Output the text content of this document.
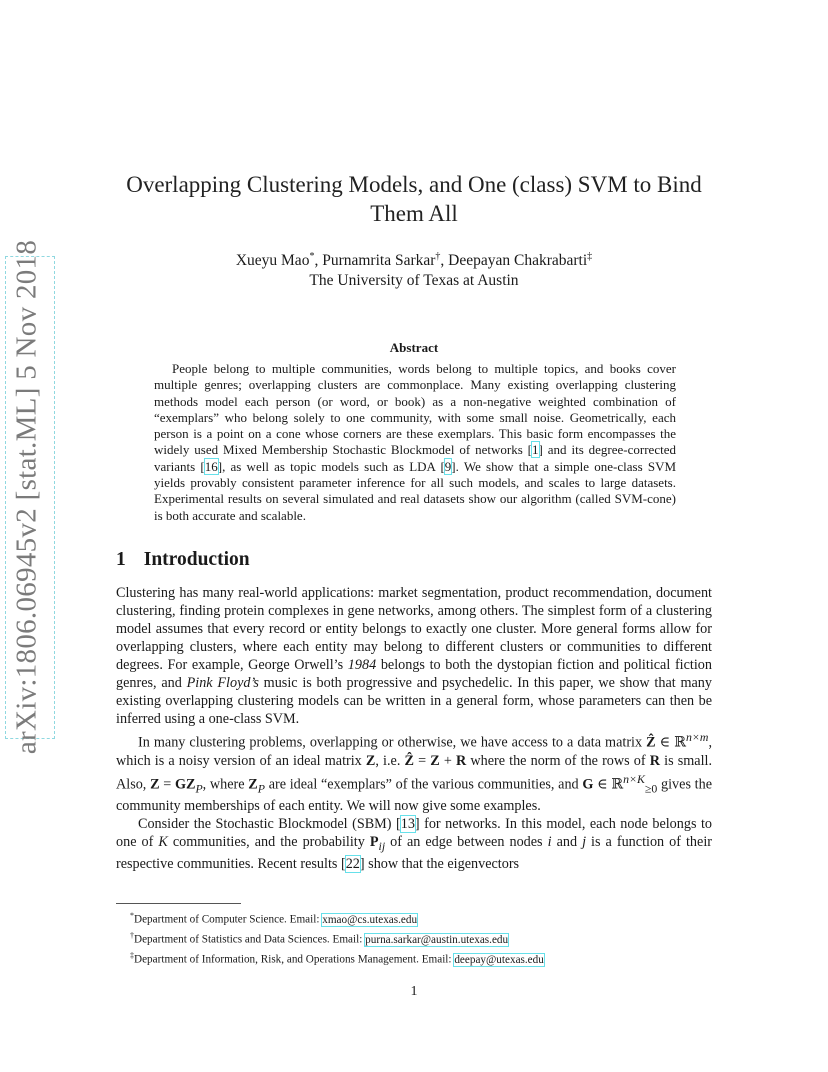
arXiv:1806.06945v2 [stat.ML] 5 Nov 2018
Overlapping Clustering Models, and One (class) SVM to Bind Them All
Xueyu Mao*, Purnamrita Sarkar†, Deepayan Chakrabarti‡
The University of Texas at Austin
Abstract
People belong to multiple communities, words belong to multiple topics, and books cover multiple genres; overlapping clusters are commonplace. Many existing overlapping clustering methods model each person (or word, or book) as a non-negative weighted combination of “exemplars” who belong solely to one community, with some small noise. Geometrically, each person is a point on a cone whose corners are these exemplars. This basic form encompasses the widely used Mixed Membership Stochastic Blockmodel of networks [1] and its degree-corrected variants [16], as well as topic models such as LDA [9]. We show that a simple one-class SVM yields provably consistent parameter inference for all such models, and scales to large datasets. Experimental results on several simulated and real datasets show our algorithm (called SVM-cone) is both accurate and scalable.
1 Introduction

Clustering has many real-world applications: market segmentation, product recommendation, document clustering, finding protein complexes in gene networks, among others. The simplest form of a clustering model assumes that every record or entity belongs to exactly one cluster. More general forms allow for overlapping clusters, where each entity may belong to different clusters or communities to different degrees. For example, George Orwell’s 1984 belongs to both the dystopian fiction and political fiction genres, and Pink Floyd’s music is both progressive and psychedelic. In this paper, we show that many existing overlapping clustering models can be written in a general form, whose parameters can then be inferred using a one-class SVM.

In many clustering problems, overlapping or otherwise, we have access to a data matrix Ẑ ∈ ℝ$^{n\times m}$, which is a noisy version of an ideal matrix Z, i.e. Ẑ = Z + R where the norm of the rows of R is small. Also, $Z = GZ_P$, where $Z_P$ are ideal “exemplars” of the various communities, and G ∈ ℝ$^{n\times K}_{\ge 0}$ gives the community memberships of each entity. We will now give some examples.

Consider the Stochastic Blockmodel (SBM) [13] for networks. In this model, each node belongs to one of K communities, and the probability $P_{ij}$ of an edge between nodes i and j is a function of their respective communities. Recent results [22] show that the eigenvectors

*Department of Computer Science. Email: xmao@cs.utexas.edu
†Department of Statistics and Data Sciences. Email: purna.sarkar@austin.utexas.edu
‡Department of Information, Risk, and Operations Management. Email: deepay@utexas.edu
1
